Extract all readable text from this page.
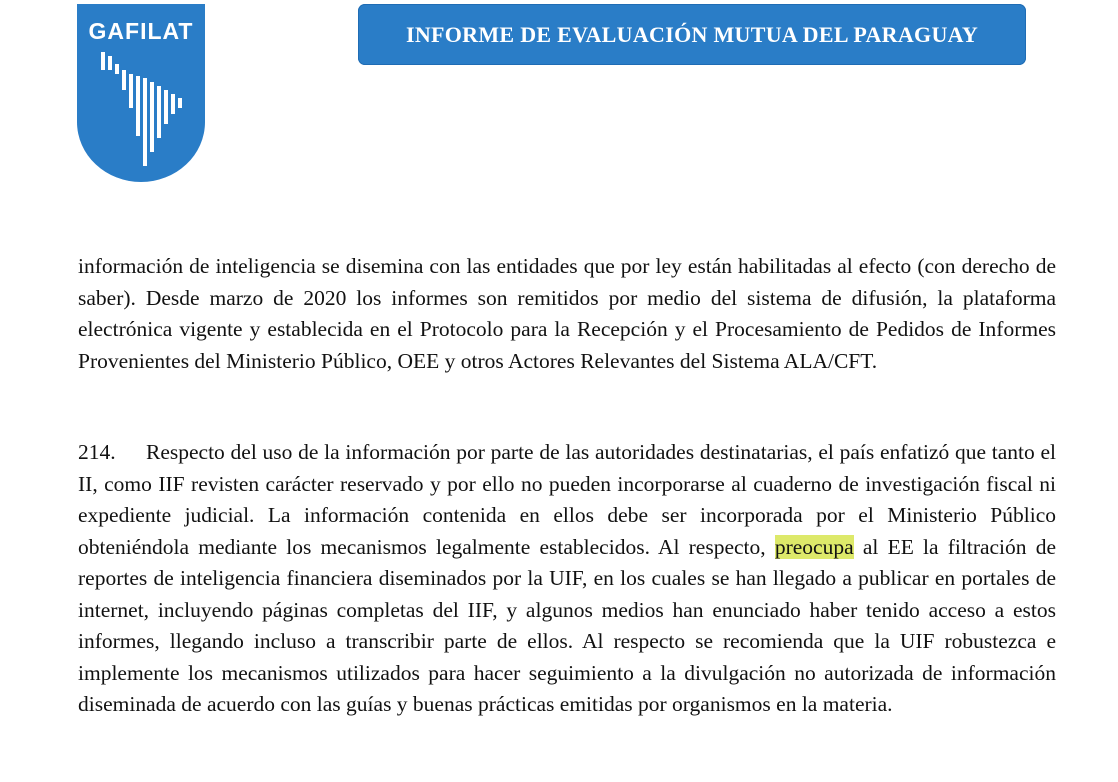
GAFILAT	INFORME DE EVALUACIÓN MUTUA DEL PARAGUAY

información de inteligencia se disemina con las entidades que por ley están habilitadas al efecto (con derecho de saber). Desde marzo de 2020 los informes son remitidos por medio del sistema de difusión, la plataforma electrónica vigente y establecida en el Protocolo para la Recepción y el Procesamiento de Pedidos de Informes Provenientes del Ministerio Público, OEE y otros Actores Relevantes del Sistema ALA/CFT.

214. Respecto del uso de la información por parte de las autoridades destinatarias, el país enfatizó que tanto el II, como IIF revisten carácter reservado y por ello no pueden incorporarse al cuaderno de investigación fiscal ni expediente judicial. La información contenida en ellos debe ser incorporada por el Ministerio Público obteniéndola mediante los mecanismos legalmente establecidos. Al respecto, preocupa al EE la filtración de reportes de inteligencia financiera diseminados por la UIF, en los cuales se han llegado a publicar en portales de internet, incluyendo páginas completas del IIF, y algunos medios han enunciado haber tenido acceso a estos informes, llegando incluso a transcribir parte de ellos. Al respecto se recomienda que la UIF robustezca e implemente los mecanismos utilizados para hacer seguimiento a la divulgación no autorizada de información diseminada de acuerdo con las guías y buenas prácticas emitidas por organismos en la materia.
